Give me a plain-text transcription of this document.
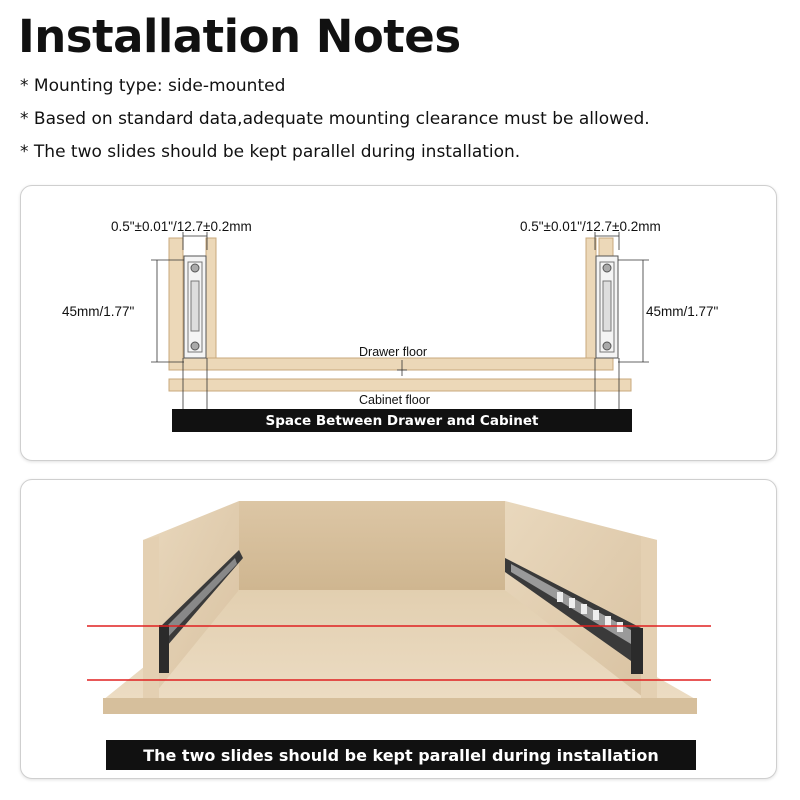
Installation Notes
* Mounting type: side-mounted
* Based on standard data,adequate mounting clearance must be allowed.
* The two slides should be kept parallel during installation.
0.5"±0.01"/12.7±0.2mm	0.5"±0.01"/12.7±0.2mm
45mm/1.77"	45mm/1.77"
Drawer floor
Cabinet floor
Space Between Drawer and Cabinet
The two slides should be kept parallel during installation
